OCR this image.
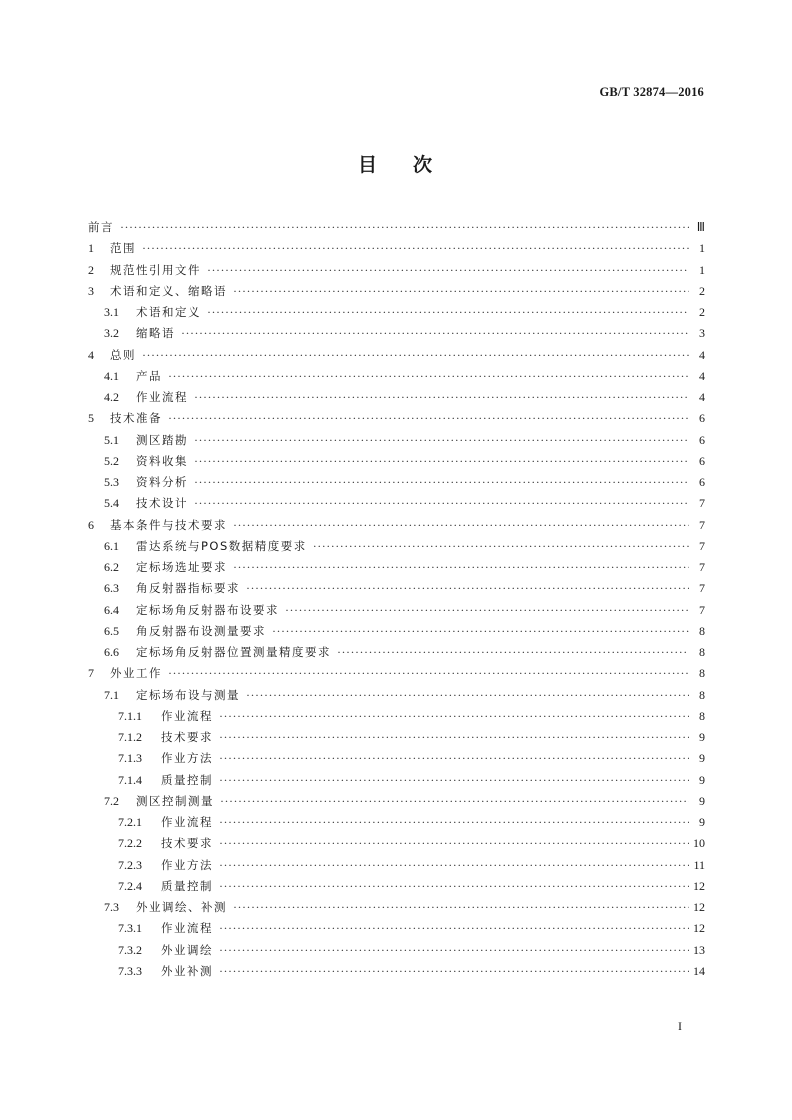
GB/T 32874—2016
目 次
前言 ·····	Ⅲ
1	范围 ·····	1
2	规范性引用文件 ·····	1
3	术语和定义、缩略语 ·····	2
3.1	术语和定义 ·····	2
3.2	缩略语 ·····	3
4	总则 ·····	4
4.1	产品 ·····	4
4.2	作业流程 ·····	4
5	技术准备 ·····	6
5.1	测区踏勘 ·····	6
5.2	资料收集 ·····	6
5.3	资料分析 ·····	6
5.4	技术设计 ·····	7
6	基本条件与技术要求 ·····	7
6.1	雷达系统与POS数据精度要求 ·····	7
6.2	定标场选址要求 ·····	7
6.3	角反射器指标要求 ·····	7
6.4	定标场角反射器布设要求 ·····	7
6.5	角反射器布设测量要求 ·····	8
6.6	定标场角反射器位置测量精度要求 ·····	8
7	外业工作 ·····	8
7.1	定标场布设与测量 ·····	8
7.1.1	作业流程 ·····	8
7.1.2	技术要求 ·····	9
7.1.3	作业方法 ·····	9
7.1.4	质量控制 ·····	9
7.2	测区控制测量 ·····	9
7.2.1	作业流程 ·····	9
7.2.2	技术要求 ·····	10
7.2.3	作业方法 ·····	11
7.2.4	质量控制 ·····	12
7.3	外业调绘、补测 ·····	12
7.3.1	作业流程 ·····	12
7.3.2	外业调绘 ·····	13
7.3.3	外业补测 ·····	14
I
